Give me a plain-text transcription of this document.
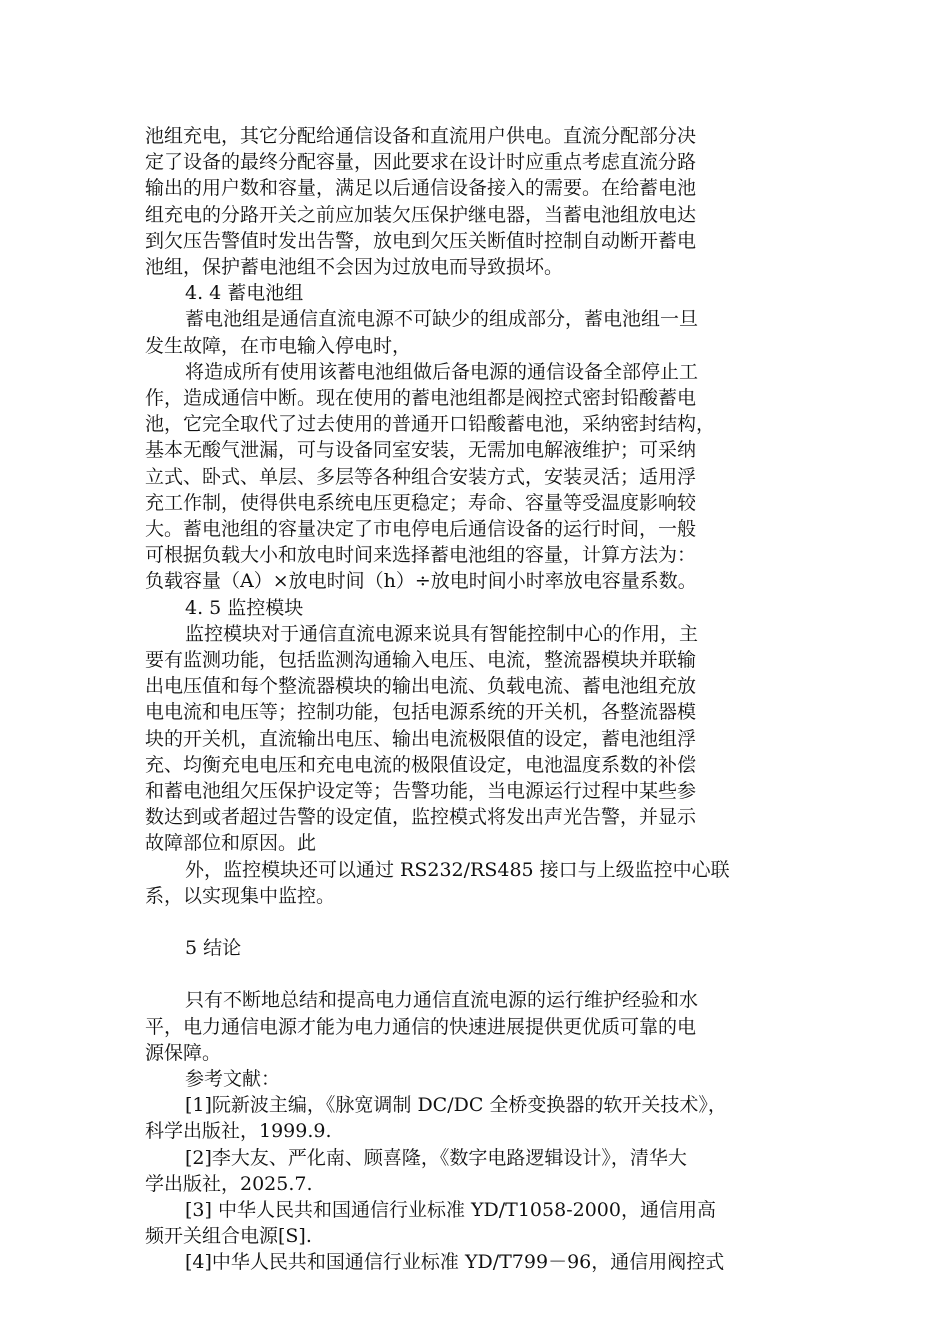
池组充电，其它分配给通信设备和直流用户供电。直流分配部分决

定了设备的最终分配容量，因此要求在设计时应重点考虑直流分路

输出的用户数和容量，满足以后通信设备接入的需要。在给蓄电池

组充电的分路开关之前应加装欠压保护继电器，当蓄电池组放电达

到欠压告警值时发出告警，放电到欠压关断值时控制自动断开蓄电

池组，保护蓄电池组不会因为过放电而导致损坏。

4. 4 蓄电池组

蓄电池组是通信直流电源不可缺少的组成部分，蓄电池组一旦

发生故障，在市电输入停电时，

将造成所有使用该蓄电池组做后备电源的通信设备全部停止工

作，造成通信中断。现在使用的蓄电池组都是阀控式密封铅酸蓄电

池，它完全取代了过去使用的普通开口铅酸蓄电池，采纳密封结构，

基本无酸气泄漏，可与设备同室安装，无需加电解液维护；可采纳

立式、卧式、单层、多层等各种组合安装方式，安装灵活；适用浮

充工作制，使得供电系统电压更稳定；寿命、容量等受温度影响较

大。蓄电池组的容量决定了市电停电后通信设备的运行时间，一般

可根据负载大小和放电时间来选择蓄电池组的容量，计算方法为：

负载容量（A）×放电时间（h）÷放电时间小时率放电容量系数。

4. 5 监控模块

监控模块对于通信直流电源来说具有智能控制中心的作用，主

要有监测功能，包括监测沟通输入电压、电流，整流器模块并联输

出电压值和每个整流器模块的输出电流、负载电流、蓄电池组充放

电电流和电压等；控制功能，包括电源系统的开关机，各整流器模

块的开关机，直流输出电压、输出电流极限值的设定，蓄电池组浮

充、均衡充电电压和充电电流的极限值设定，电池温度系数的补偿

和蓄电池组欠压保护设定等；告警功能，当电源运行过程中某些参

数达到或者超过告警的设定值，监控模式将发出声光告警，并显示

故障部位和原因。此

外，监控模块还可以通过 RS232/RS485 接口与上级监控中心联

系，以实现集中监控。

5 结论

只有不断地总结和提高电力通信直流电源的运行维护经验和水

平，电力通信电源才能为电力通信的快速进展提供更优质可靠的电

源保障。

参考文献：

[1]阮新波主编，《脉宽调制 DC/DC 全桥变换器的软开关技术》，

科学出版社，1999.9.

[2]李大友、严化南、顾喜隆，《数字电路逻辑设计》，清华大

学出版社，2025.7.

[3] 中华人民共和国通信行业标准 YD/T1058-2000，通信用高

频开关组合电源[S].

[4]中华人民共和国通信行业标准 YD/T799－96，通信用阀控式
